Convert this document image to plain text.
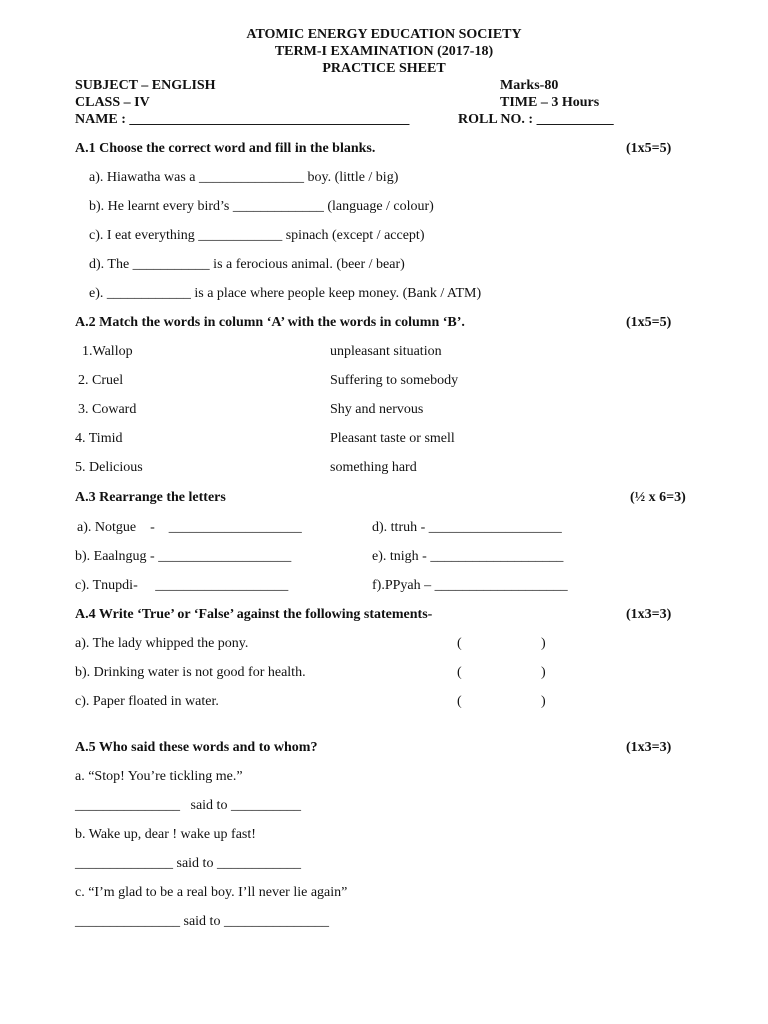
ATOMIC ENERGY EDUCATION SOCIETY
TERM-I EXAMINATION (2017-18)
PRACTICE SHEET
SUBJECT – ENGLISH	Marks-80
CLASS – IV	TIME – 3 Hours
NAME : ________________________________________	ROLL NO. : ___________
A.1 Choose the correct word and fill in the blanks.	(1x5=5)
a). Hiawatha was a _______________ boy. (little / big)
b). He learnt every bird’s _____________ (language / colour)
c). I eat everything ____________ spinach (except / accept)
d). The ___________ is a ferocious animal. (beer / bear)
e). ____________ is a place where people keep money. (Bank / ATM)
A.2 Match the words in column ‘A’ with the words in column ‘B’.	(1x5=5)
1.Wallop	unpleasant situation
2. Cruel	Suffering to somebody
3. Coward	Shy and nervous
4. Timid	Pleasant taste or smell
5. Delicious	something hard
A.3 Rearrange the letters	(½ x 6=3)
a). Notgue    -    ___________________	d). ttruh - ___________________
b). Eaalngug - ___________________	e). tnigh - ___________________
c). Tnupdi-     ___________________	f).PPyah – ___________________
A.4 Write ‘True’ or ‘False’ against the following statements-	(1x3=3)
a). The lady whipped the pony.	(	)
b). Drinking water is not good for health.	(	)
c). Paper floated in water.	(	)
A.5 Who said these words and to whom?	(1x3=3)
a. “Stop! You’re tickling me.”
_______________   said to __________
b. Wake up, dear ! wake up fast!
______________ said to ____________
c. “I’m glad to be a real boy. I’ll never lie again”
_______________ said to _______________
